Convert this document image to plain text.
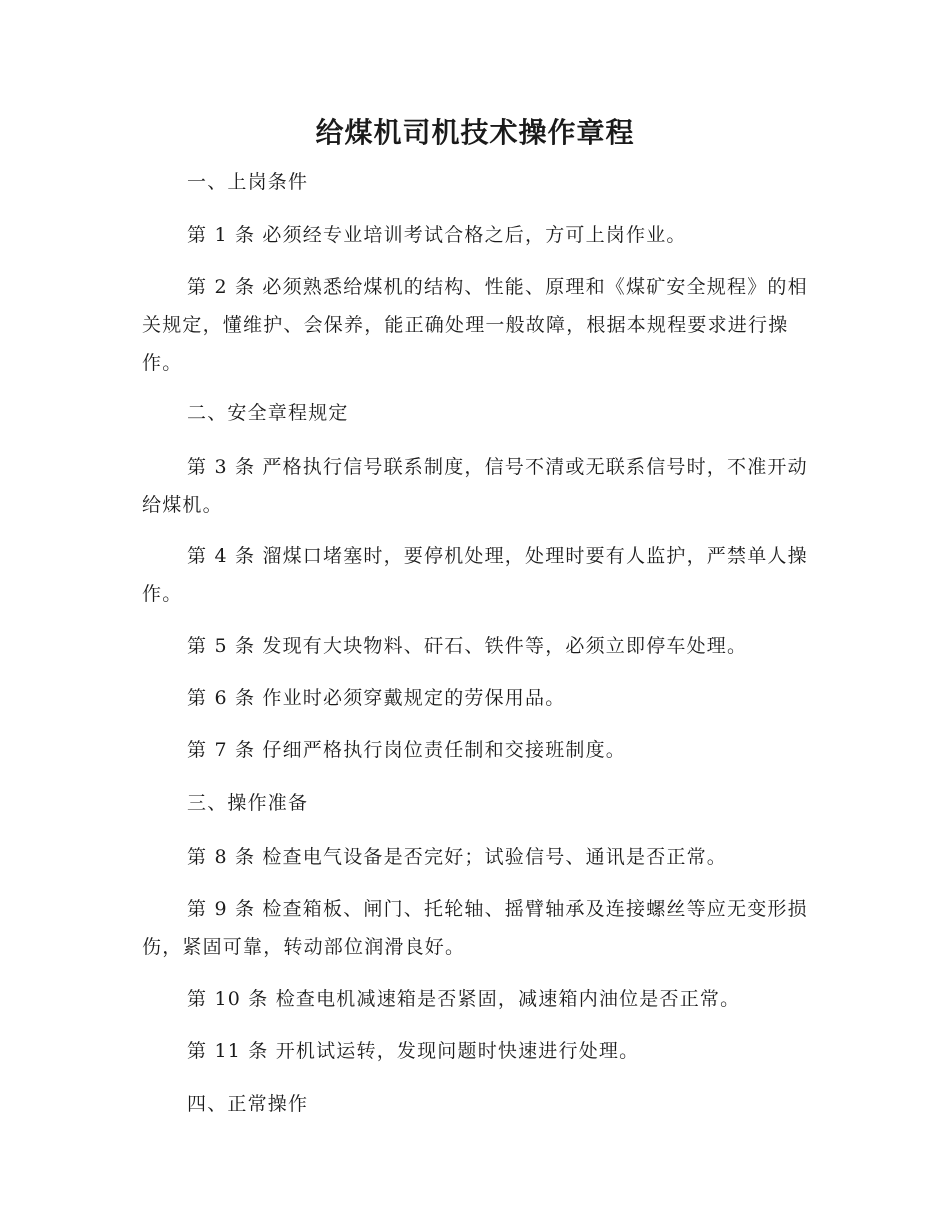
给煤机司机技术操作章程

一、上岗条件

第 1 条 必须经专业培训考试合格之后，方可上岗作业。

第 2 条 必须熟悉给煤机的结构、性能、原理和《煤矿安全规程》的相关规定，懂维护、会保养，能正确处理一般故障，根据本规程要求进行操作。

二、安全章程规定

第 3 条 严格执行信号联系制度，信号不清或无联系信号时，不准开动给煤机。

第 4 条 溜煤口堵塞时，要停机处理，处理时要有人监护，严禁单人操作。

第 5 条 发现有大块物料、矸石、铁件等，必须立即停车处理。

第 6 条 作业时必须穿戴规定的劳保用品。

第 7 条 仔细严格执行岗位责任制和交接班制度。

三、操作准备

第 8 条 检查电气设备是否完好；试验信号、通讯是否正常。

第 9 条 检查箱板、闸门、托轮轴、摇臂轴承及连接螺丝等应无变形损伤，紧固可靠，转动部位润滑良好。

第 10 条 检查电机减速箱是否紧固，减速箱内油位是否正常。

第 11 条 开机试运转，发现问题时快速进行处理。

四、正常操作
